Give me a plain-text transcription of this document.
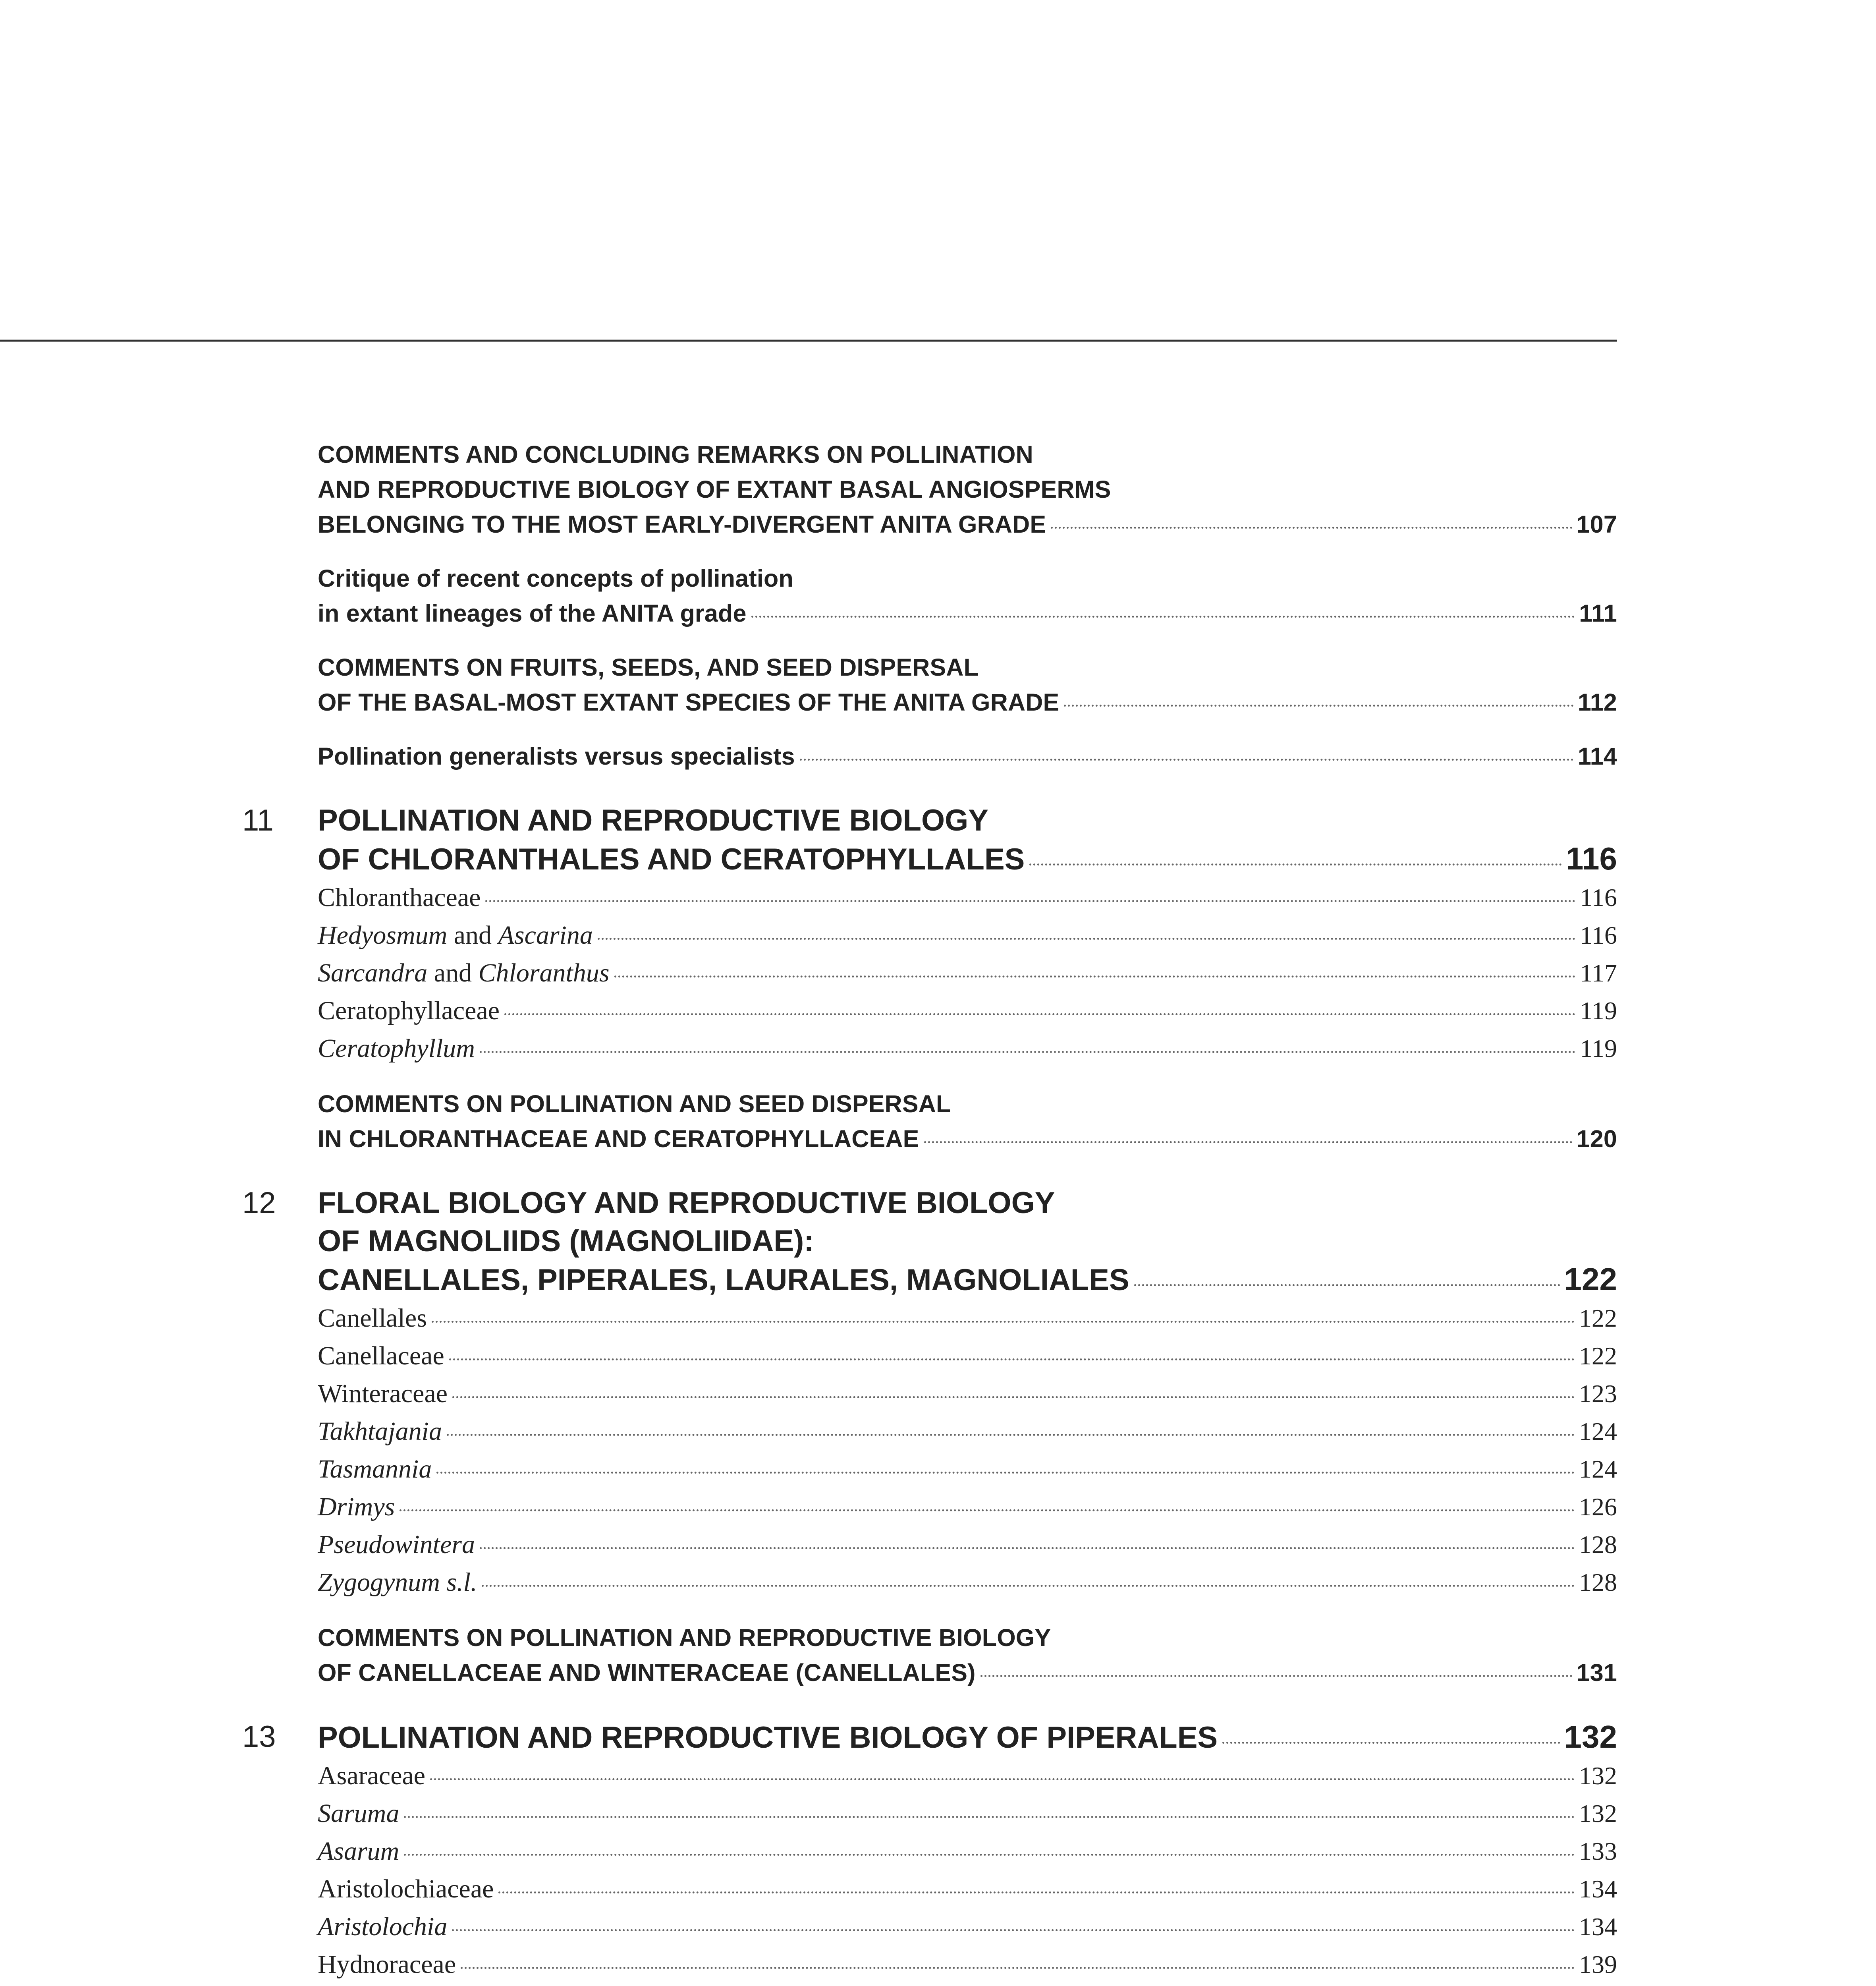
COMMENTS AND CONCLUDING REMARKS ON POLLINATION
AND REPRODUCTIVE BIOLOGY OF EXTANT BASAL ANGIOSPERMS
BELONGING TO THE MOST EARLY-DIVERGENT ANITA GRADE	107
Critique of recent concepts of pollination
in extant lineages of the ANITA grade	111
COMMENTS ON FRUITS, SEEDS, AND SEED DISPERSAL
OF THE BASAL-MOST EXTANT SPECIES OF THE ANITA GRADE	112
Pollination generalists versus specialists	114
11 POLLINATION AND REPRODUCTIVE BIOLOGY
OF CHLORANTHALES AND CERATOPHYLLALES	116
Chloranthaceae	116
Hedyosmum and Ascarina	116
Sarcandra and Chloranthus	117
Ceratophyllaceae	119
Ceratophyllum	119
COMMENTS ON POLLINATION AND SEED DISPERSAL
IN CHLORANTHACEAE AND CERATOPHYLLACEAE	120
12 FLORAL BIOLOGY AND REPRODUCTIVE BIOLOGY
OF MAGNOLIIDS (MAGNOLIIDAE):
CANELLALES, PIPERALES, LAURALES, MAGNOLIALES	122
Canellales	122
Canellaceae	122
Winteraceae	123
Takhtajania	124
Tasmannia	124
Drimys	126
Pseudowintera	128
Zygogynum s.l.	128
COMMENTS ON POLLINATION AND REPRODUCTIVE BIOLOGY
OF CANELLACEAE AND WINTERACEAE (CANELLALES)	131
13 POLLINATION AND REPRODUCTIVE BIOLOGY OF PIPERALES	132
Asaraceae	132
Saruma	132
Asarum	133
Aristolochiaceae	134
Aristolochia	134
Hydnoraceae	139
